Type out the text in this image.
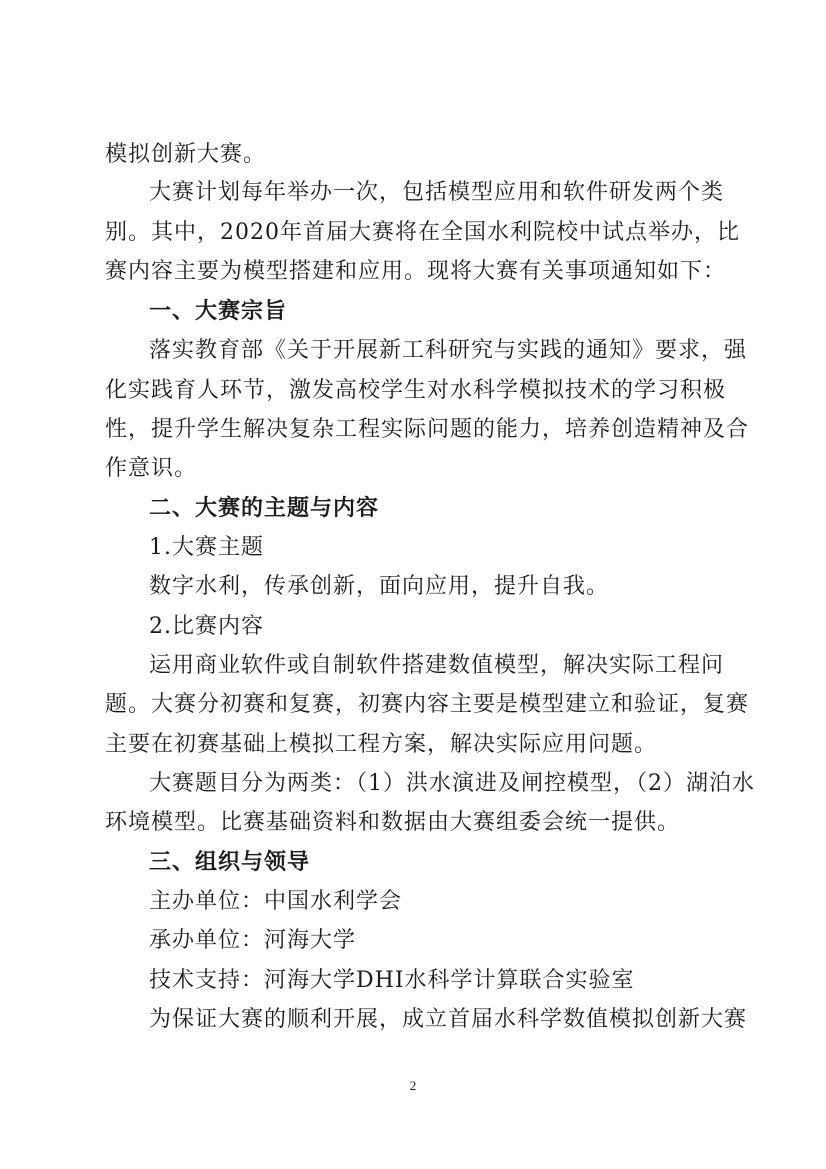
模拟创新大赛。
大赛计划每年举办一次，包括模型应用和软件研发两个类
别。其中，2020年首届大赛将在全国水利院校中试点举办，比
赛内容主要为模型搭建和应用。现将大赛有关事项通知如下：
一、大赛宗旨
落实教育部《关于开展新工科研究与实践的通知》要求，强
化实践育人环节，激发高校学生对水科学模拟技术的学习积极
性，提升学生解决复杂工程实际问题的能力，培养创造精神及合
作意识。
二、大赛的主题与内容
1.大赛主题
数字水利，传承创新，面向应用，提升自我。
2.比赛内容
运用商业软件或自制软件搭建数值模型，解决实际工程问
题。大赛分初赛和复赛，初赛内容主要是模型建立和验证，复赛
主要在初赛基础上模拟工程方案，解决实际应用问题。
大赛题目分为两类：（1）洪水演进及闸控模型，（2）湖泊水
环境模型。比赛基础资料和数据由大赛组委会统一提供。
三、组织与领导
主办单位：中国水利学会
承办单位：河海大学
技术支持：河海大学DHI水科学计算联合实验室
为保证大赛的顺利开展，成立首届水科学数值模拟创新大赛
2
